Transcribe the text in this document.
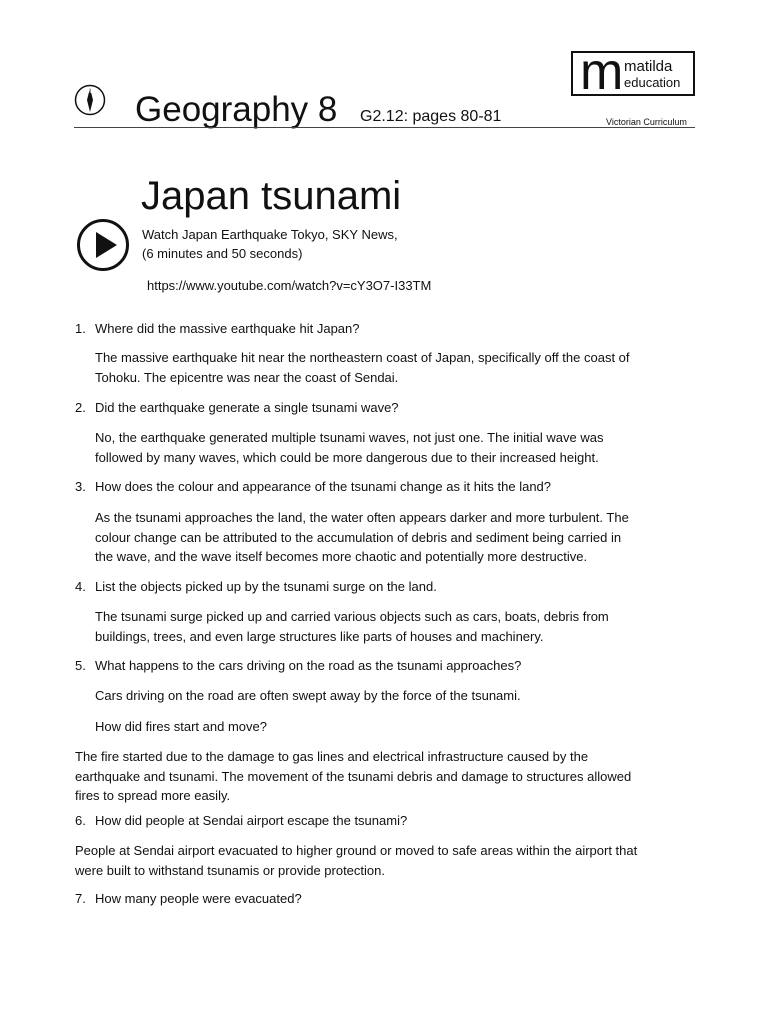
N Geography 8 G2.12: pages 80-81
m matilda
education
Victorian Curriculum
Japan tsunami
Watch Japan Earthquake Tokyo, SKY News,
(6 minutes and 50 seconds)
https://www.youtube.com/watch?v=cY3O7-I33TM
1. Where did the massive earthquake hit Japan?
The massive earthquake hit near the northeastern coast of Japan, specifically off the coast of
Tohoku. The epicentre was near the coast of Sendai.
2. Did the earthquake generate a single tsunami wave?
No, the earthquake generated multiple tsunami waves, not just one. The initial wave was
followed by many waves, which could be more dangerous due to their increased height.
3. How does the colour and appearance of the tsunami change as it hits the land?
As the tsunami approaches the land, the water often appears darker and more turbulent. The
colour change can be attributed to the accumulation of debris and sediment being carried in
the wave, and the wave itself becomes more chaotic and potentially more destructive.
4. List the objects picked up by the tsunami surge on the land.
The tsunami surge picked up and carried various objects such as cars, boats, debris from
buildings, trees, and even large structures like parts of houses and machinery.
5. What happens to the cars driving on the road as the tsunami approaches?
Cars driving on the road are often swept away by the force of the tsunami.
How did fires start and move?
The fire started due to the damage to gas lines and electrical infrastructure caused by the
earthquake and tsunami. The movement of the tsunami debris and damage to structures allowed
fires to spread more easily.
6. How did people at Sendai airport escape the tsunami?
People at Sendai airport evacuated to higher ground or moved to safe areas within the airport that
were built to withstand tsunamis or provide protection.
7. How many people were evacuated?
